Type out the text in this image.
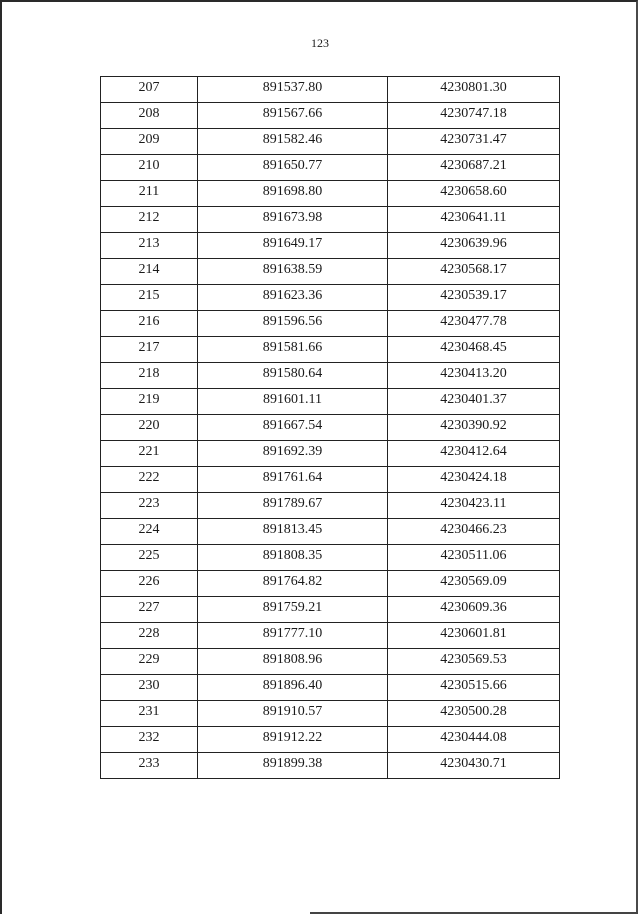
123
207	891537.80	4230801.30
208	891567.66	4230747.18
209	891582.46	4230731.47
210	891650.77	4230687.21
211	891698.80	4230658.60
212	891673.98	4230641.11
213	891649.17	4230639.96
214	891638.59	4230568.17
215	891623.36	4230539.17
216	891596.56	4230477.78
217	891581.66	4230468.45
218	891580.64	4230413.20
219	891601.11	4230401.37
220	891667.54	4230390.92
221	891692.39	4230412.64
222	891761.64	4230424.18
223	891789.67	4230423.11
224	891813.45	4230466.23
225	891808.35	4230511.06
226	891764.82	4230569.09
227	891759.21	4230609.36
228	891777.10	4230601.81
229	891808.96	4230569.53
230	891896.40	4230515.66
231	891910.57	4230500.28
232	891912.22	4230444.08
233	891899.38	4230430.71
